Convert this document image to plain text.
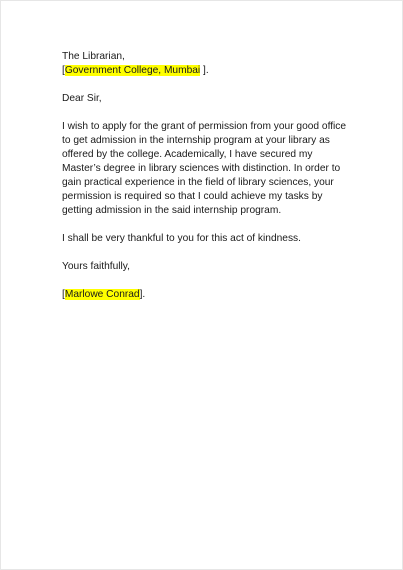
The Librarian,
[Government College, Mumbai ].
Dear Sir,
I wish to apply for the grant of permission from your good office
to get admission in the internship program at your library as
offered by the college. Academically, I have secured my
Master’s degree in library sciences with distinction. In order to
gain practical experience in the field of library sciences, your
permission is required so that I could achieve my tasks by
getting admission in the said internship program.
I shall be very thankful to you for this act of kindness.
Yours faithfully,
[Marlowe Conrad].
